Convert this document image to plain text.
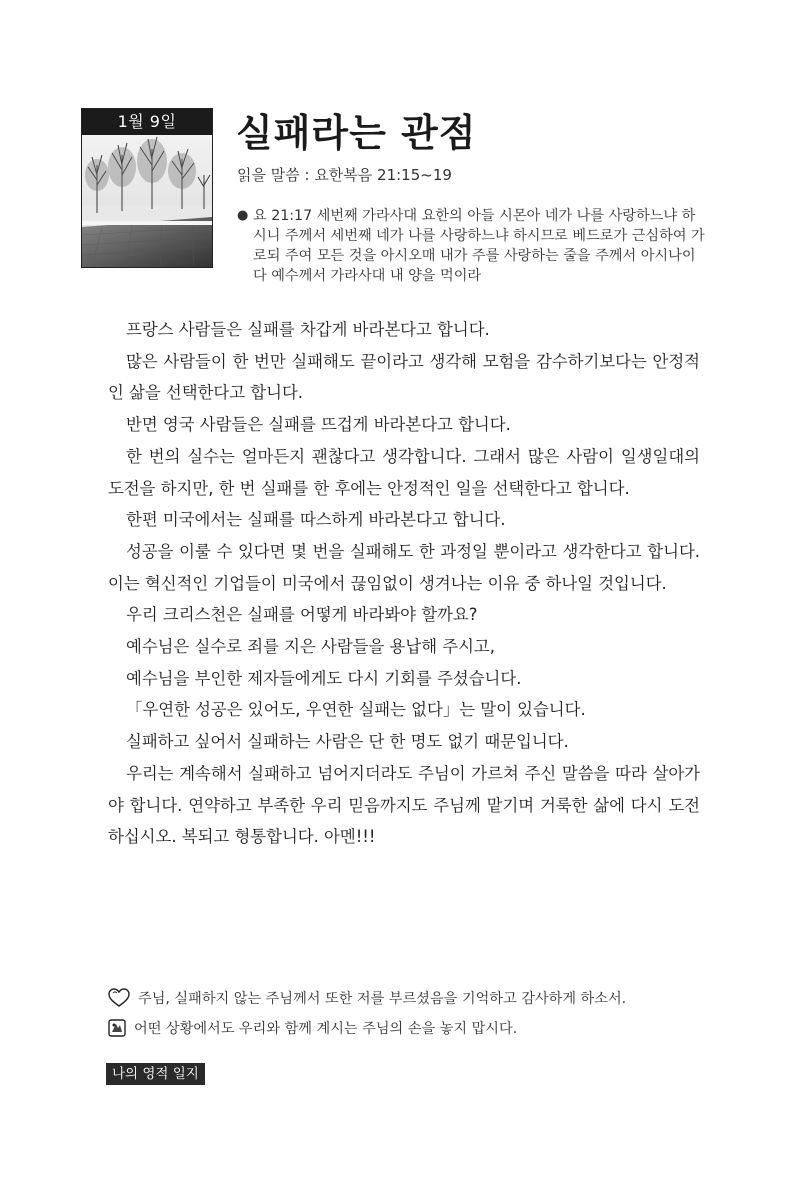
1월 9일	실패라는 관점
읽을 말씀 : 요한복음 21:15~19
● 요 21:17 세번째 가라사대 요한의 아들 시몬아 네가 나를 사랑하느냐 하시니 주께서 세번째 네가 나를 사랑하느냐 하시므로 베드로가 근심하여 가로되 주여 모든 것을 아시오매 내가 주를 사랑하는 줄을 주께서 아시나이다 예수께서 가라사대 내 양을 먹이라

프랑스 사람들은 실패를 차갑게 바라본다고 합니다.

많은 사람들이 한 번만 실패해도 끝이라고 생각해 모험을 감수하기보다는 안정적인 삶을 선택한다고 합니다.

반면 영국 사람들은 실패를 뜨겁게 바라본다고 합니다.

한 번의 실수는 얼마든지 괜찮다고 생각합니다. 그래서 많은 사람이 일생일대의 도전을 하지만, 한 번 실패를 한 후에는 안정적인 일을 선택한다고 합니다.

한편 미국에서는 실패를 따스하게 바라본다고 합니다.

성공을 이룰 수 있다면 몇 번을 실패해도 한 과정일 뿐이라고 생각한다고 합니다. 이는 혁신적인 기업들이 미국에서 끊임없이 생겨나는 이유 중 하나일 것입니다.

우리 크리스천은 실패를 어떻게 바라봐야 할까요?

예수님은 실수로 죄를 지은 사람들을 용납해 주시고,

예수님을 부인한 제자들에게도 다시 기회를 주셨습니다.

「우연한 성공은 있어도, 우연한 실패는 없다」는 말이 있습니다.

실패하고 싶어서 실패하는 사람은 단 한 명도 없기 때문입니다.

우리는 계속해서 실패하고 넘어지더라도 주님이 가르쳐 주신 말씀을 따라 살아가야 합니다. 연약하고 부족한 우리 믿음까지도 주님께 맡기며 거룩한 삶에 다시 도전하십시오. 복되고 형통합니다. 아멘!!!

주님, 실패하지 않는 주님께서 또한 저를 부르셨음을 기억하고 감사하게 하소서.
어떤 상황에서도 우리와 함께 계시는 주님의 손을 놓지 맙시다.
나의 영적 일지
